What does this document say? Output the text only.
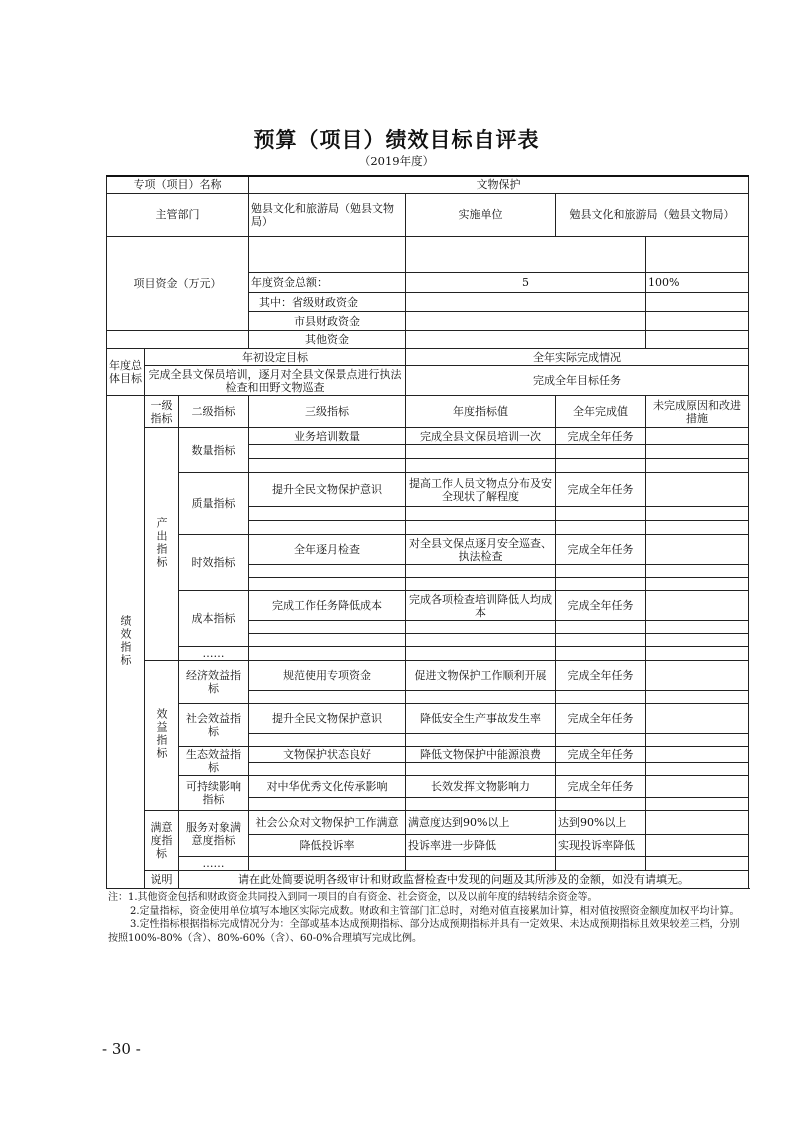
预算（项目）绩效目标自评表
（2019年度）
专项（项目）名称			文物保护			
主管部门			勉县文化和旅游局（勉县文物局）	实施单位	勉县文化和旅游局（勉县文物局）	
项目资金（万元）						

			年度资金总额：	5		100%
			其中：省级财政资金			
			市县财政资金			
			其他资金			
年度总体目标	年初设定目标			全年实际完成情况		
	完成全县文保员培训，逐月对全县文保景点进行执法检查和田野文物巡查			完成全年目标任务		
绩效指标	一级指标	二级指标	三级指标	年度指标值	全年完成值	未完成原因和改进措施
	产出指标	数量指标	业务培训数量	完成全县文保员培训一次	完成全年任务	

		质量指标	提升全民文物保护意识	提高工作人员文物点分布及安全现状了解程度	完成全年任务	

		时效指标	全年逐月检查	对全县文保点逐月安全巡查、执法检查	完成全年任务	

		成本指标	完成工作任务降低成本	完成各项检查培训降低人均成本	完成全年任务	

		……				
	效益指标	经济效益指标	规范使用专项资金	促进文物保护工作顺利开展	完成全年任务	

		社会效益指标	提升全民文物保护意识	降低安全生产事故发生率	完成全年任务	

		生态效益指标	文物保护状态良好	降低文物保护中能源浪费	完成全年任务	

		可持续影响指标	对中华优秀文化传承影响	长效发挥文物影响力	完成全年任务	

	满意度指标	服务对象满意度指标	社会公众对文物保护工作满意	满意度达到90%以上	达到90%以上	
			降低投诉率	投诉率进一步降低	实现投诉率降低	
		……				
	说明	请在此处简要说明各级审计和财政监督检查中发现的问题及其所涉及的金额，如没有请填无。				

注：1.其他资金包括和财政资金共同投入到同一项目的自有资金、社会资金，以及以前年度的结转结余资金等。

2.定量指标，资金使用单位填写本地区实际完成数。财政和主管部门汇总时，对绝对值直接累加计算，相对值按照资金额度加权平均计算。

3.定性指标根据指标完成情况分为：全部或基本达成预期指标、部分达成预期指标并具有一定效果、未达成预期指标且效果较差三档，分别按照100%-80%（含）、80%-60%（含）、60-0%合理填写完成比例。

- 30 -
